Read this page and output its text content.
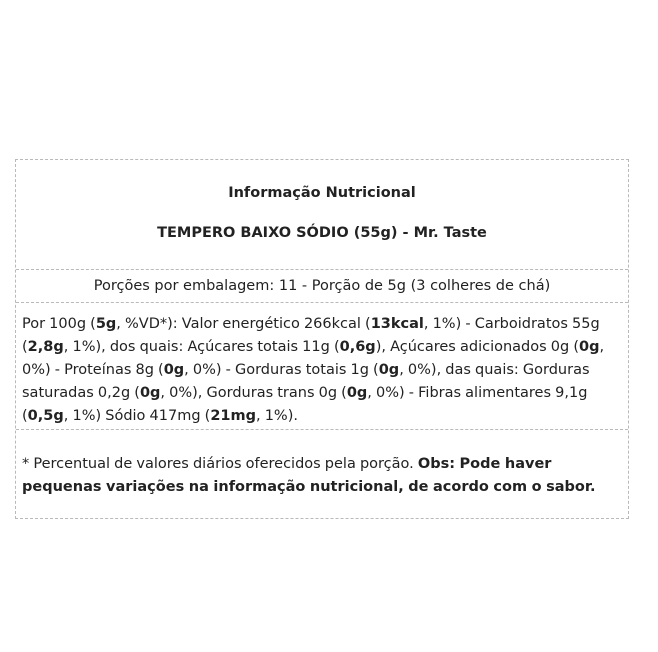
Informação Nutricional

TEMPERO BAIXO SÓDIO (55g) - Mr. Taste

Porções por embalagem: 11 - Porção de 5g (3 colheres de chá)

Por 100g (5g, %VD*): Valor energético 266kcal (13kcal, 1%) - Carboidratos 55g (2,8g, 1%), dos quais: Açúcares totais 11g (0,6g), Açúcares adicionados 0g (0g, 0%) - Proteínas 8g (0g, 0%) - Gorduras totais 1g (0g, 0%), das quais: Gorduras saturadas 0,2g (0g, 0%), Gorduras trans 0g (0g, 0%) - Fibras alimentares 9,1g (0,5g, 1%) Sódio 417mg (21mg, 1%).

* Percentual de valores diários oferecidos pela porção. Obs: Pode haver pequenas variações na informação nutricional, de acordo com o sabor.
